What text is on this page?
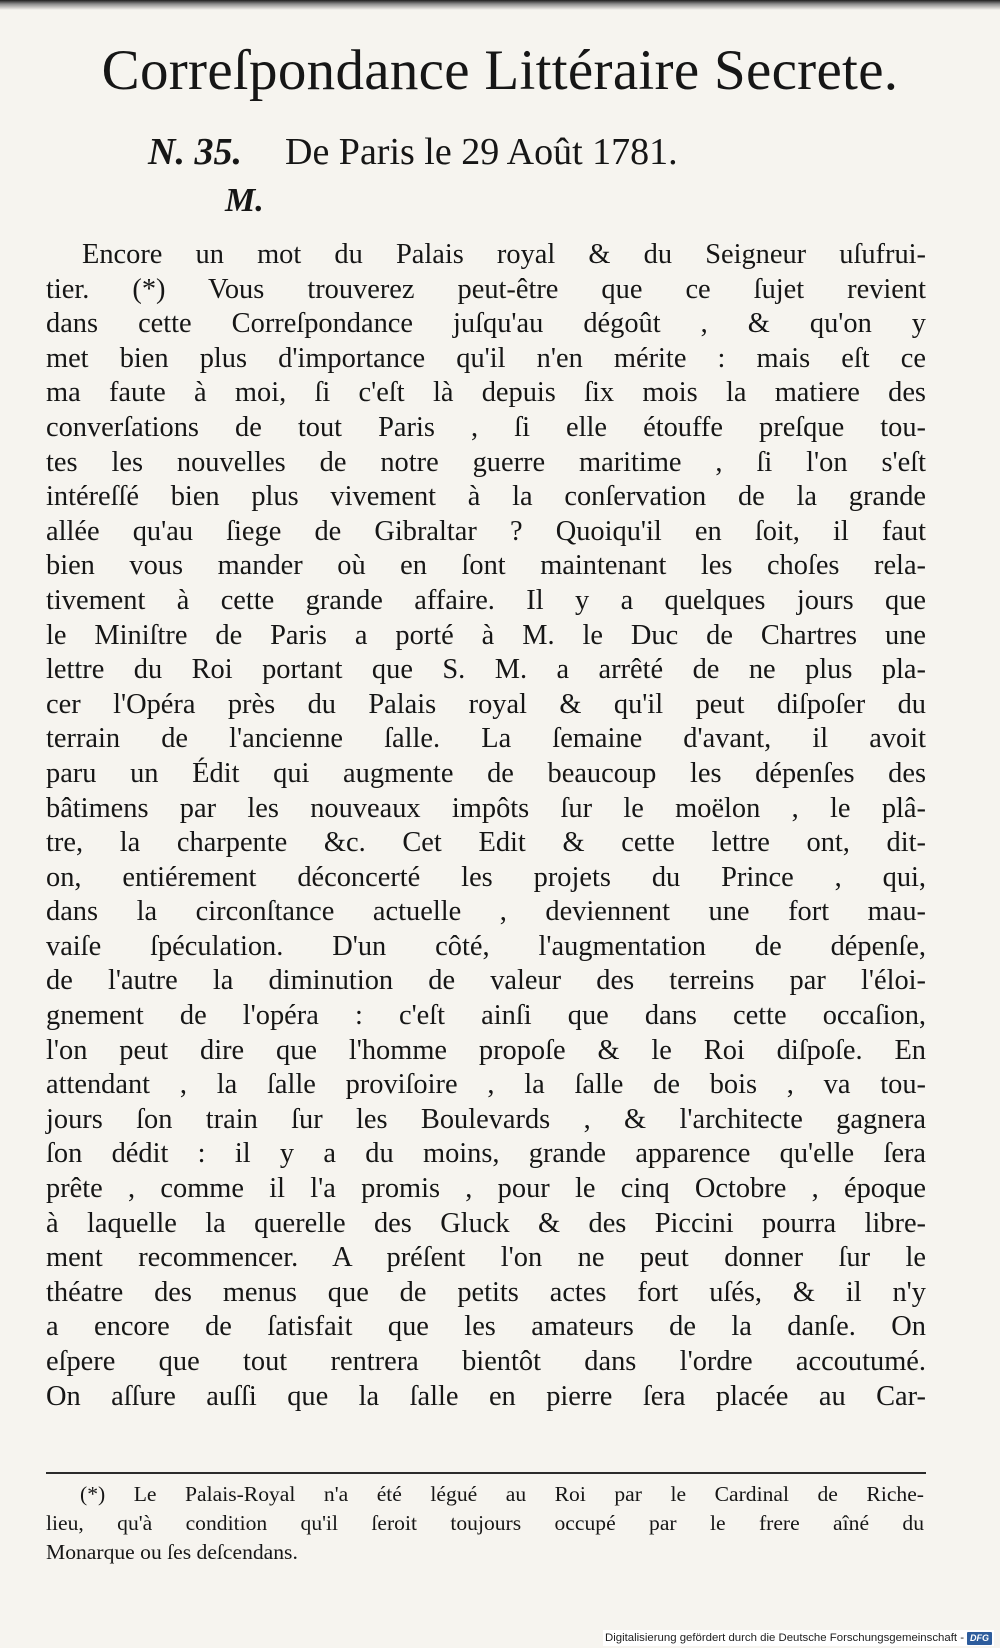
Correſpondance Littéraire Secrete.
N. 35. De Paris le 29 Août 1781.
M.
Encore un mot du Palais royal & du Seigneur uſufrui-
tier. (*) Vous trouverez peut-être que ce ſujet revient
dans cette Correſpondance juſqu'au dégoût , & qu'on y
met bien plus d'importance qu'il n'en mérite : mais eſt ce
ma faute à moi, ſi c'eſt là depuis ſix mois la matiere des
converſations de tout Paris , ſi elle étouffe preſque tou-
tes les nouvelles de notre guerre maritime , ſi l'on s'eſt
intéreſſé bien plus vivement à la conſervation de la grande
allée qu'au ſiege de Gibraltar ? Quoiqu'il en ſoit, il faut
bien vous mander où en ſont maintenant les choſes rela-
tivement à cette grande affaire. Il y a quelques jours que
le Miniſtre de Paris a porté à M. le Duc de Chartres une
lettre du Roi portant que S. M. a arrêté de ne plus pla-
cer l'Opéra près du Palais royal & qu'il peut diſpoſer du
terrain de l'ancienne ſalle. La ſemaine d'avant, il avoit
paru un Édit qui augmente de beaucoup les dépenſes des
bâtimens par les nouveaux impôts ſur le moëlon , le plâ-
tre, la charpente &c. Cet Edit & cette lettre ont, dit-
on, entiérement déconcerté les projets du Prince , qui,
dans la circonſtance actuelle , deviennent une fort mau-
vaiſe ſpéculation. D'un côté, l'augmentation de dépenſe,
de l'autre la diminution de valeur des terreins par l'éloi-
gnement de l'opéra : c'eſt ainſi que dans cette occaſion,
l'on peut dire que l'homme propoſe & le Roi diſpoſe. En
attendant , la ſalle proviſoire , la ſalle de bois , va tou-
jours ſon train ſur les Boulevards , & l'architecte gagnera
ſon dédit : il y a du moins, grande apparence qu'elle ſera
prête , comme il l'a promis , pour le cinq Octobre , époque
à laquelle la querelle des Gluck & des Piccini pourra libre-
ment recommencer. A préſent l'on ne peut donner ſur le
théatre des menus que de petits actes fort uſés, & il n'y
a encore de ſatisfait que les amateurs de la danſe. On
eſpere que tout rentrera bientôt dans l'ordre accoutumé.
On aſſure auſſi que la ſalle en pierre ſera placée au Car-
(*) Le Palais-Royal n'a été légué au Roi par le Cardinal de Riche-
lieu, qu'à condition qu'il ſeroit toujours occupé par le frere aîné du
Monarque ou ſes deſcendans.
Digitalisierung gefördert durch die Deutsche Forschungsgemeinschaft - DFG
